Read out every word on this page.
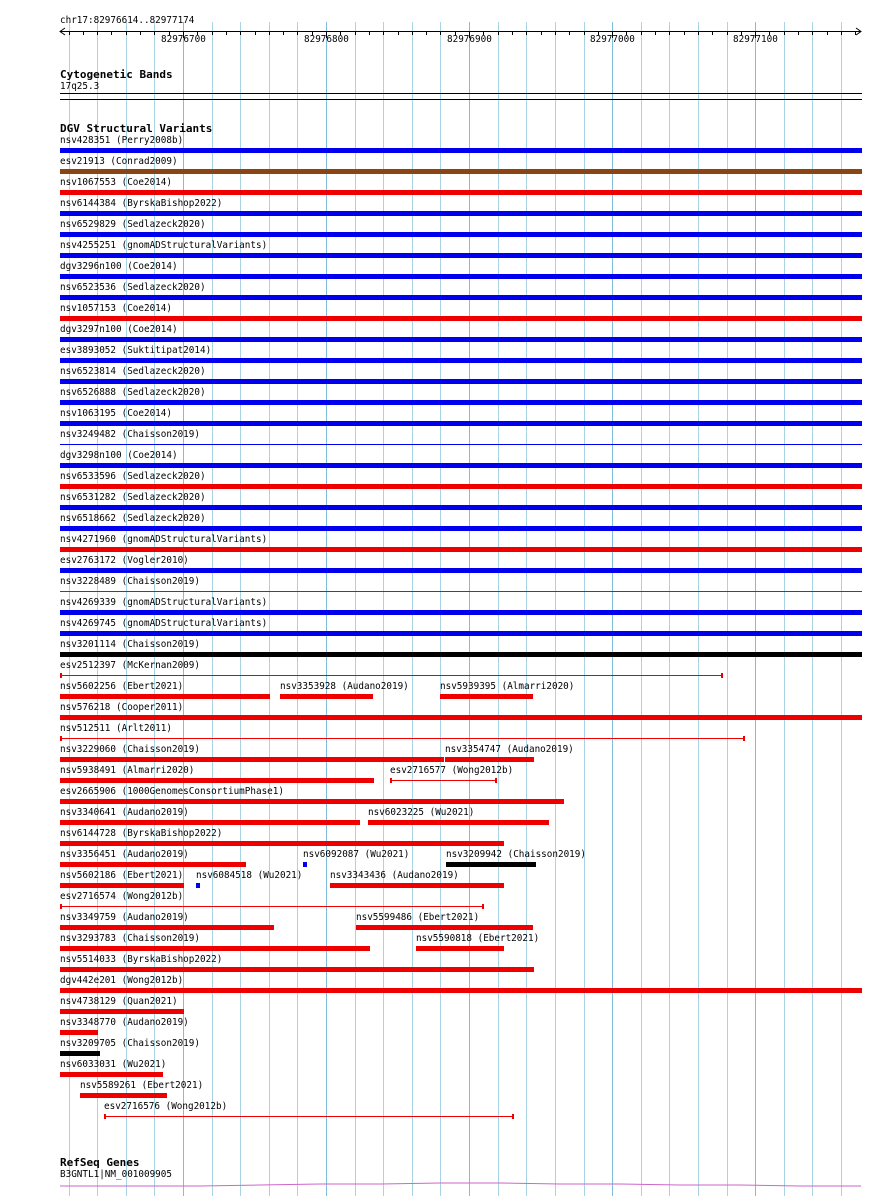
chr17:82976614..82977174
82976700	82976800	82976900	82977000	82977100
Cytogenetic Bands
17q25.3
DGV Structural Variants
nsv428351 (Perry2008b)
esv21913 (Conrad2009)
nsv1067553 (Coe2014)
nsv6144384 (ByrskaBishop2022)
nsv6529829 (Sedlazeck2020)
nsv4255251 (gnomADStructuralVariants)
dgv3296n100 (Coe2014)
nsv6523536 (Sedlazeck2020)
nsv1057153 (Coe2014)
dgv3297n100 (Coe2014)
esv3893052 (Suktitipat2014)
nsv6523814 (Sedlazeck2020)
nsv6526888 (Sedlazeck2020)
nsv1063195 (Coe2014)
nsv3249482 (Chaisson2019)
dgv3298n100 (Coe2014)
nsv6533596 (Sedlazeck2020)
nsv6531282 (Sedlazeck2020)
nsv6518662 (Sedlazeck2020)
nsv4271960 (gnomADStructuralVariants)
esv2763172 (Vogler2010)
nsv3228489 (Chaisson2019)
nsv4269339 (gnomADStructuralVariants)
nsv4269745 (gnomADStructuralVariants)
nsv3201114 (Chaisson2019)
esv2512397 (McKernan2009)
nsv5602256 (Ebert2021)	nsv3353928 (Audano2019)	nsv5939395 (Almarri2020)
nsv576218 (Cooper2011)
nsv512511 (Arlt2011)
nsv3229060 (Chaisson2019)	nsv3354747 (Audano2019)
nsv5938491 (Almarri2020)	esv2716577 (Wong2012b)
esv2665906 (1000GenomesConsortiumPhase1)
nsv3340641 (Audano2019)	nsv6023225 (Wu2021)
nsv6144728 (ByrskaBishop2022)
nsv3356451 (Audano2019)	nsv6092087 (Wu2021)	nsv3209942 (Chaisson2019)
nsv5602186 (Ebert2021) nsv6084518 (Wu2021)	nsv3343436 (Audano2019)
esv2716574 (Wong2012b)
nsv3349759 (Audano2019)	nsv5599486 (Ebert2021)
nsv3293783 (Chaisson2019)	nsv5590818 (Ebert2021)
nsv5514033 (ByrskaBishop2022)
dgv442e201 (Wong2012b)
nsv4738129 (Quan2021)
nsv3348770 (Audano2019)
nsv3209705 (Chaisson2019)
nsv6033031 (Wu2021)
nsv5589261 (Ebert2021)
esv2716576 (Wong2012b)
RefSeq Genes
B3GNTL1|NM_001009905
